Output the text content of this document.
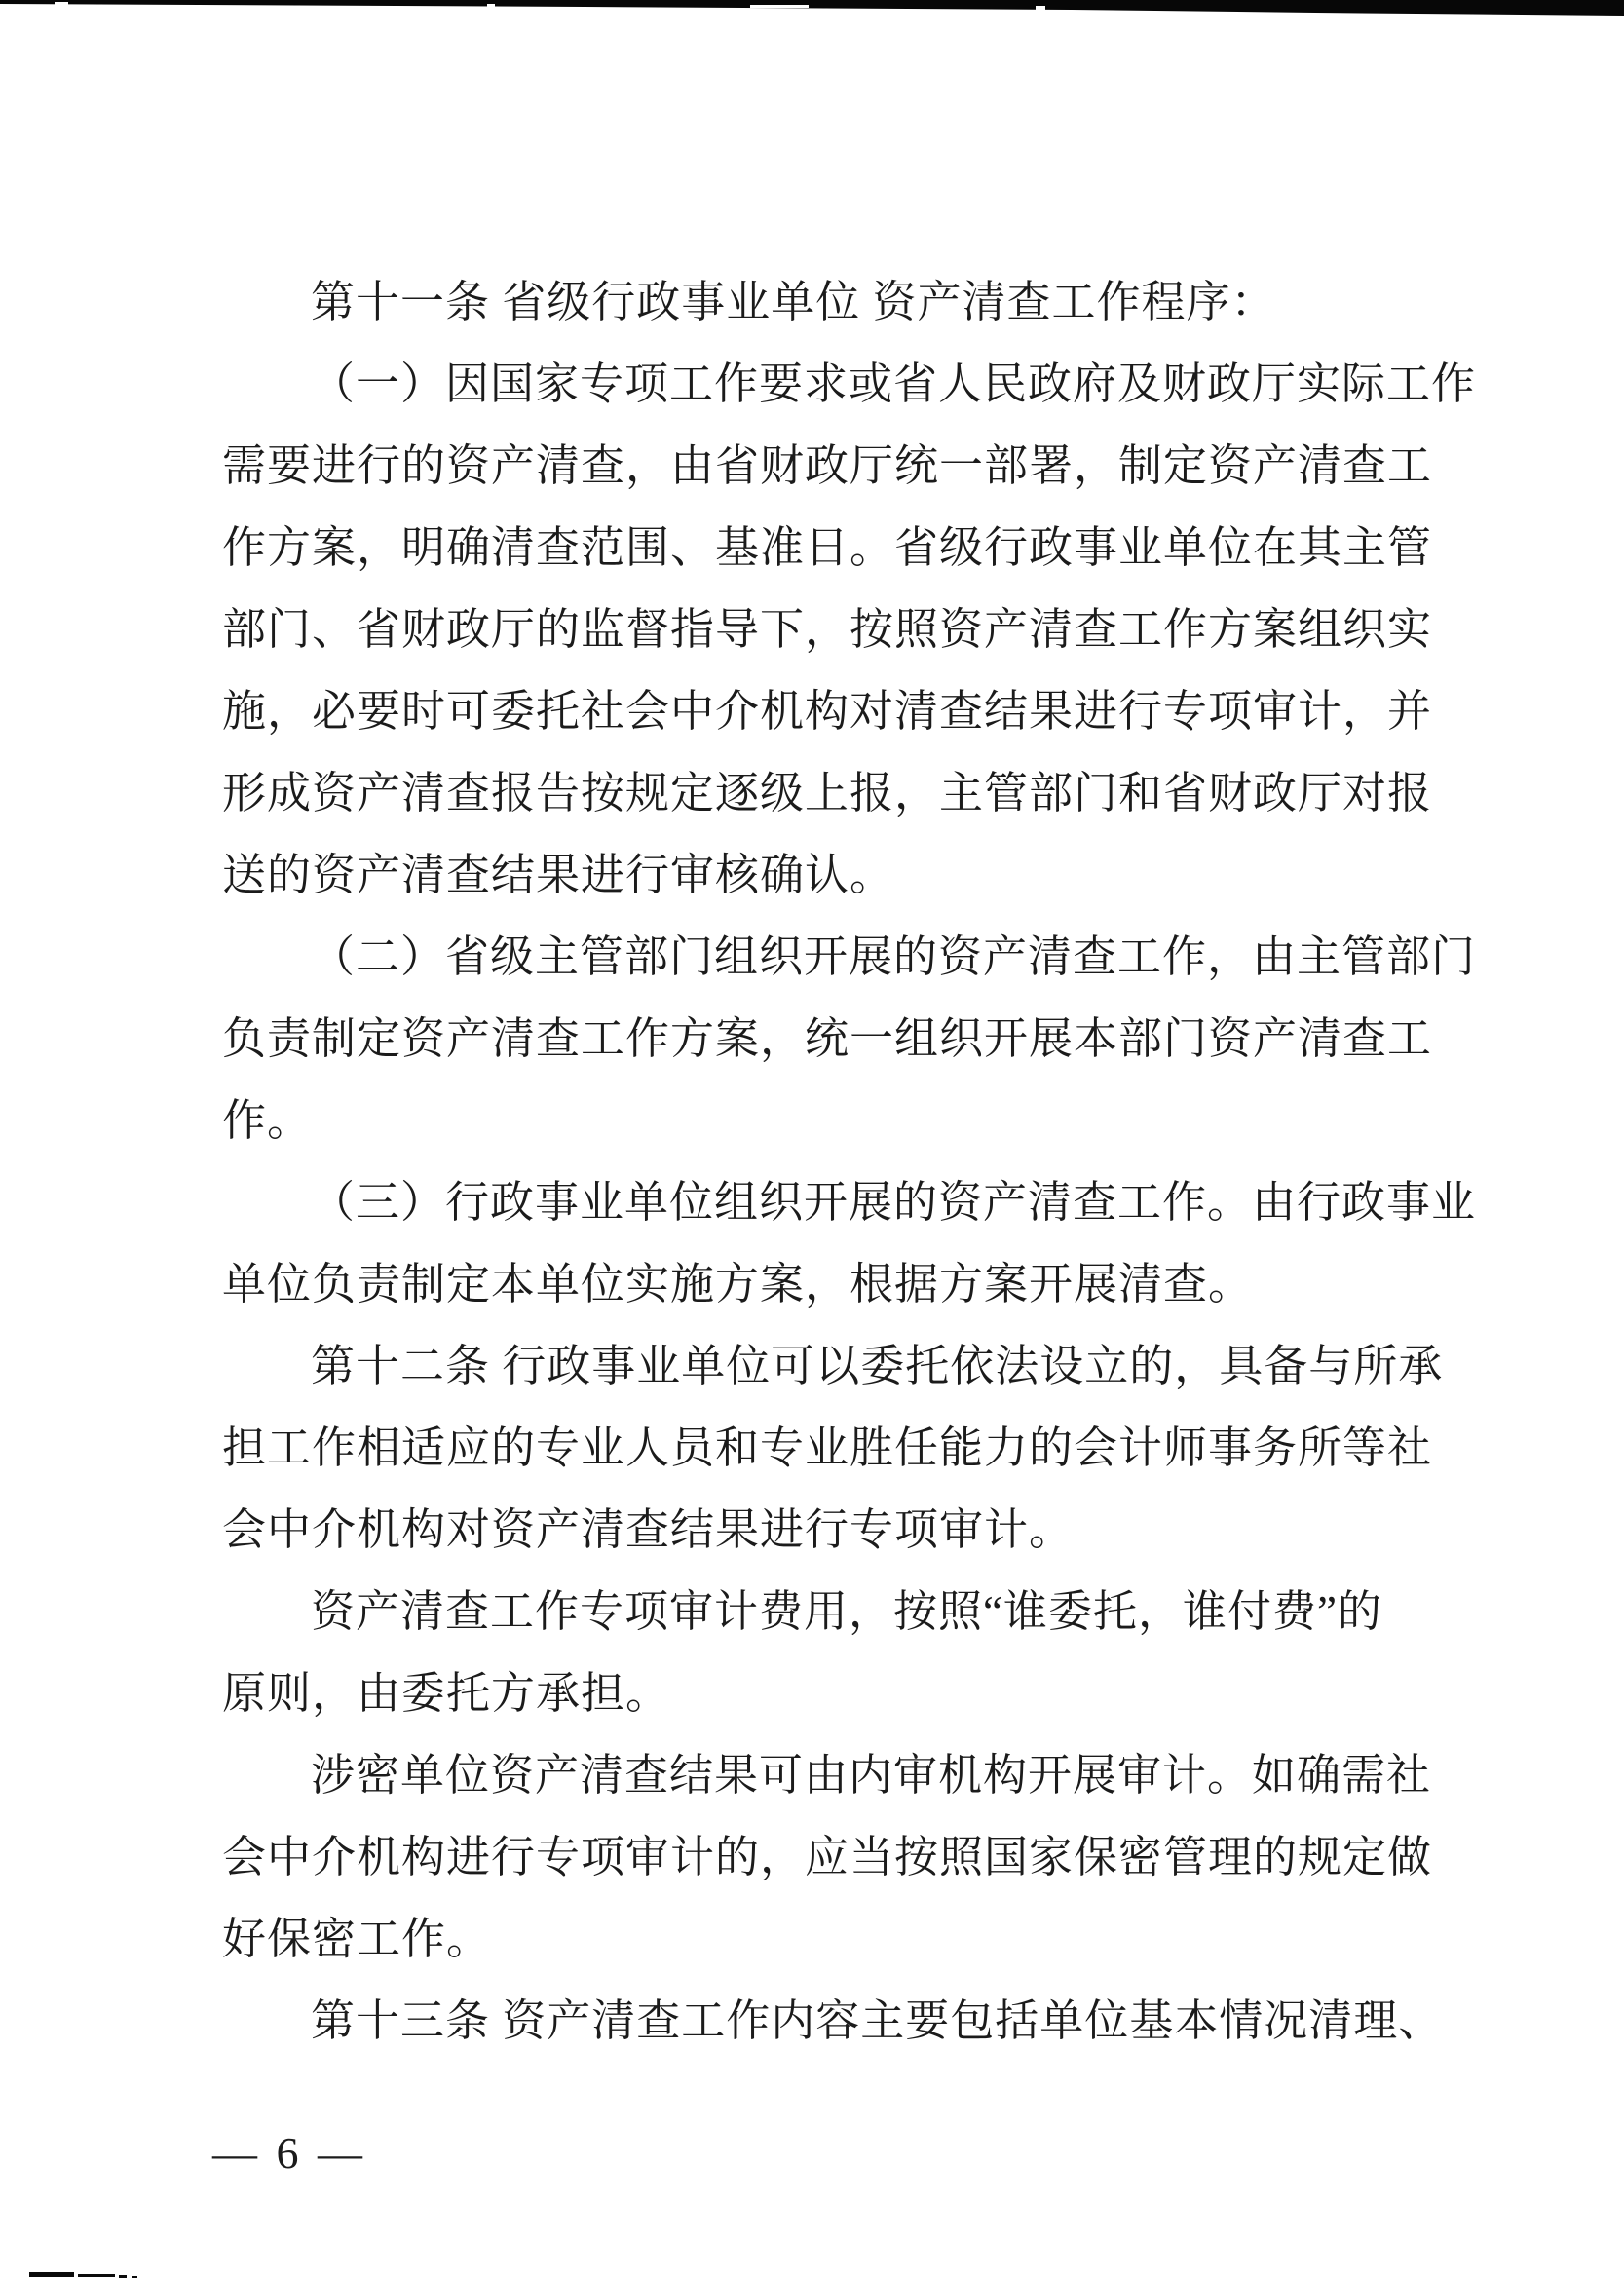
第十一条 省级行政事业单位 资产清查工作程序：
（一）因国家专项工作要求或省人民政府及财政厅实际工作
需要进行的资产清查，由省财政厅统一部署，制定资产清查工
作方案，明确清查范围、基准日。省级行政事业单位在其主管
部门、省财政厅的监督指导下，按照资产清查工作方案组织实
施，必要时可委托社会中介机构对清查结果进行专项审计，并
形成资产清查报告按规定逐级上报，主管部门和省财政厅对报
送的资产清查结果进行审核确认。
（二）省级主管部门组织开展的资产清查工作，由主管部门
负责制定资产清查工作方案，统一组织开展本部门资产清查工
作。
（三）行政事业单位组织开展的资产清查工作。由行政事业
单位负责制定本单位实施方案，根据方案开展清查。
第十二条 行政事业单位可以委托依法设立的，具备与所承
担工作相适应的专业人员和专业胜任能力的会计师事务所等社
会中介机构对资产清查结果进行专项审计。
资产清查工作专项审计费用，按照“谁委托，谁付费”的
原则，由委托方承担。
涉密单位资产清查结果可由内审机构开展审计。如确需社
会中介机构进行专项审计的，应当按照国家保密管理的规定做
好保密工作。
第十三条 资产清查工作内容主要包括单位基本情况清理、
— 6 —
